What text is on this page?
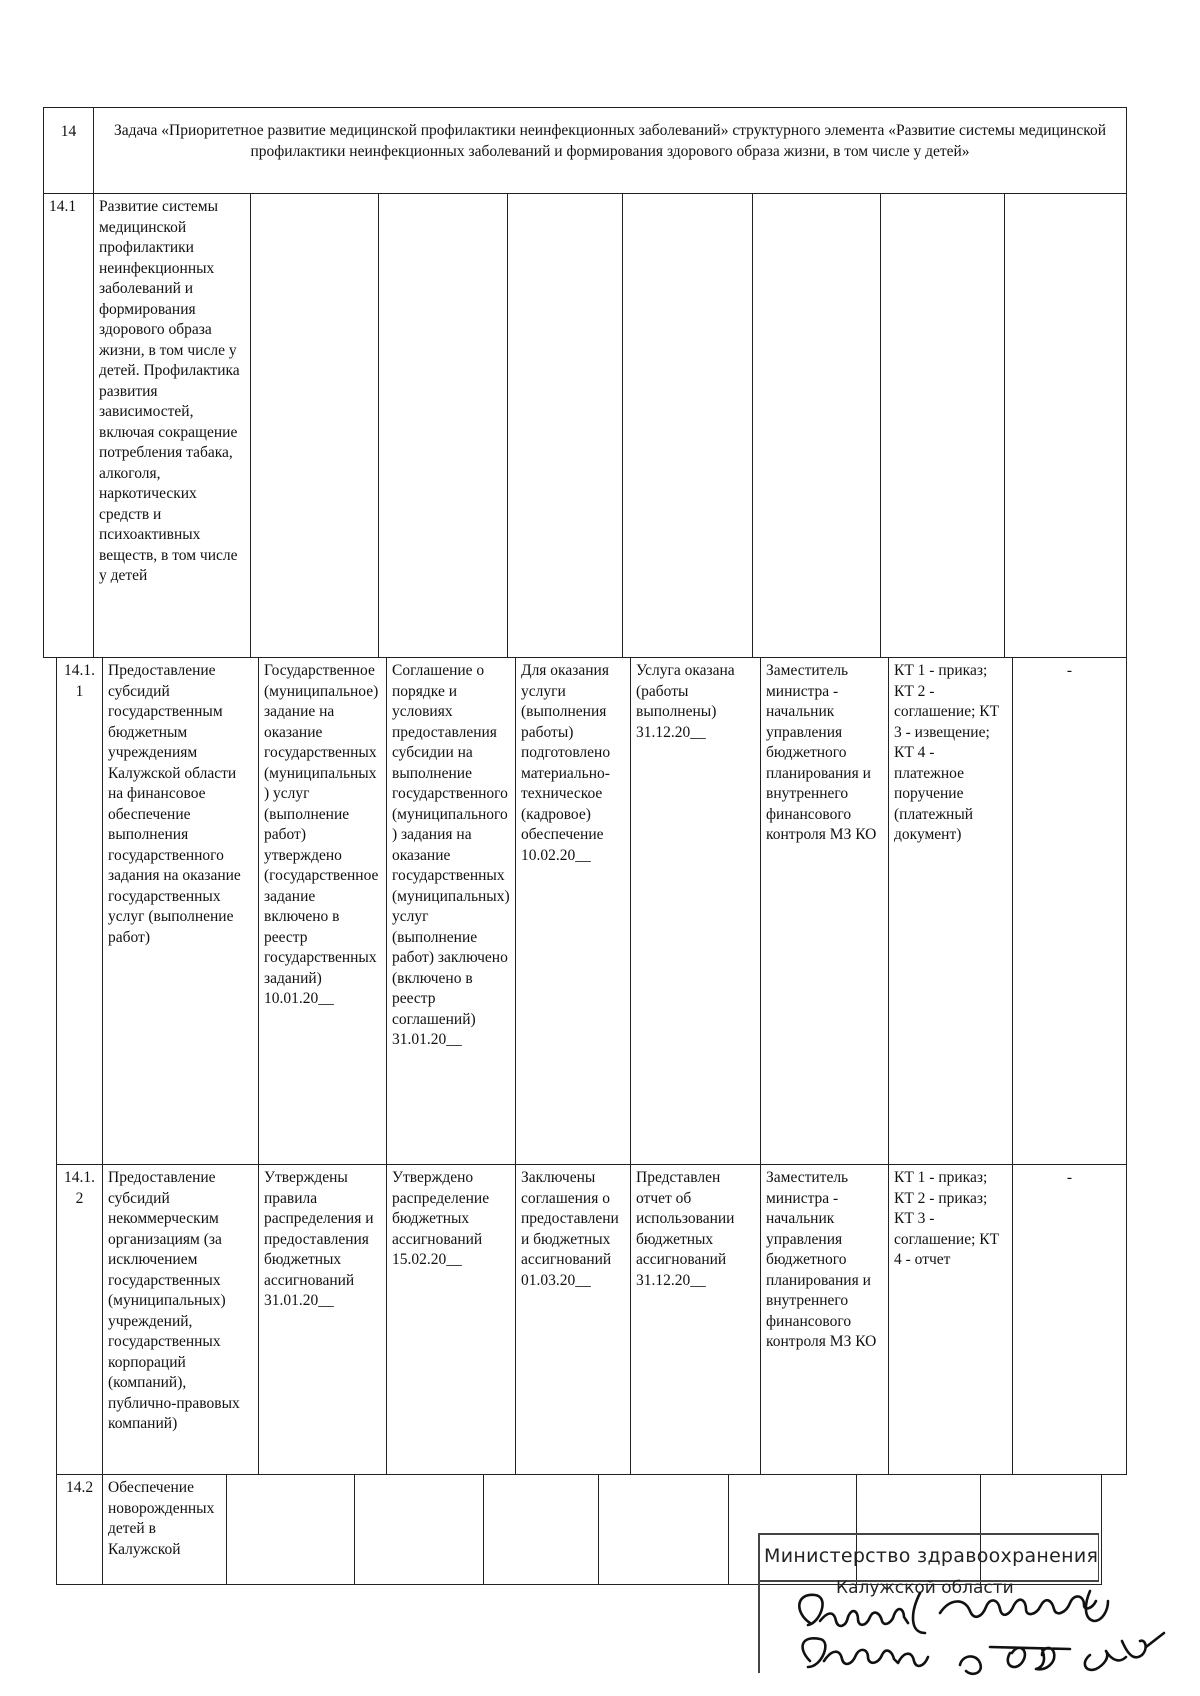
14	Задача «Приоритетное развитие медицинской профилактики неинфекционных заболеваний» структурного элемента «Развитие системы медицинской профилактики неинфекционных заболеваний и формирования здорового образа жизни, в том числе у детей»
14.1	Развитие системы медицинской профилактики неинфекционных заболеваний и формирования здорового образа жизни, в том числе у детей. Профилактика развития зависимостей, включая сокращение потребления табака, алкоголя, наркотических средств и психоактивных веществ, в том числе у детей							
14.1.1	Предоставление субсидий государственным бюджетным учреждениям Калужской области на финансовое обеспечение выполнения государственного задания на оказание государственных услуг (выполнение работ)	Государственное (муниципальное) задание на оказание государственных (муниципальных) услуг (выполнение работ) утверждено (государственное задание включено в реестр государственных заданий) 10.01.20__	Соглашение о порядке и условиях предоставления субсидии на выполнение государственного (муниципального) задания на оказание государственных (муниципальных) услуг (выполнение работ) заключено (включено в реестр соглашений) 31.01.20__	Для оказания услуги (выполнения работы) подготовлено материально-техническое (кадровое) обеспечение 10.02.20__	Услуга оказана (работы выполнены) 31.12.20__	Заместитель министра - начальник управления бюджетного планирования и внутреннего финансового контроля МЗ КО	КТ 1 - приказ; КТ 2 - соглашение; КТ 3 - извещение; КТ 4 - платежное поручение (платежный документ)	-
14.1.2	Предоставление субсидий некоммерческим организациям (за исключением государственных (муниципальных) учреждений, государственных корпораций (компаний), публично-правовых компаний)	Утверждены правила распределения и предоставления бюджетных ассигнований 31.01.20__	Утверждено распределение бюджетных ассигнований 15.02.20__	Заключены соглашения о предоставлении бюджетных ассигнований 01.03.20__	Представлен отчет об использовании бюджетных ассигнований 31.12.20__	Заместитель министра - начальник управления бюджетного планирования и внутреннего финансового контроля МЗ КО	КТ 1 - приказ; КТ 2 - приказ; КТ 3 - соглашение; КТ 4 - отчет	-
14.2	Обеспечение новорожденных детей в Калужской								Министерство здравоохранения
Калужской области
